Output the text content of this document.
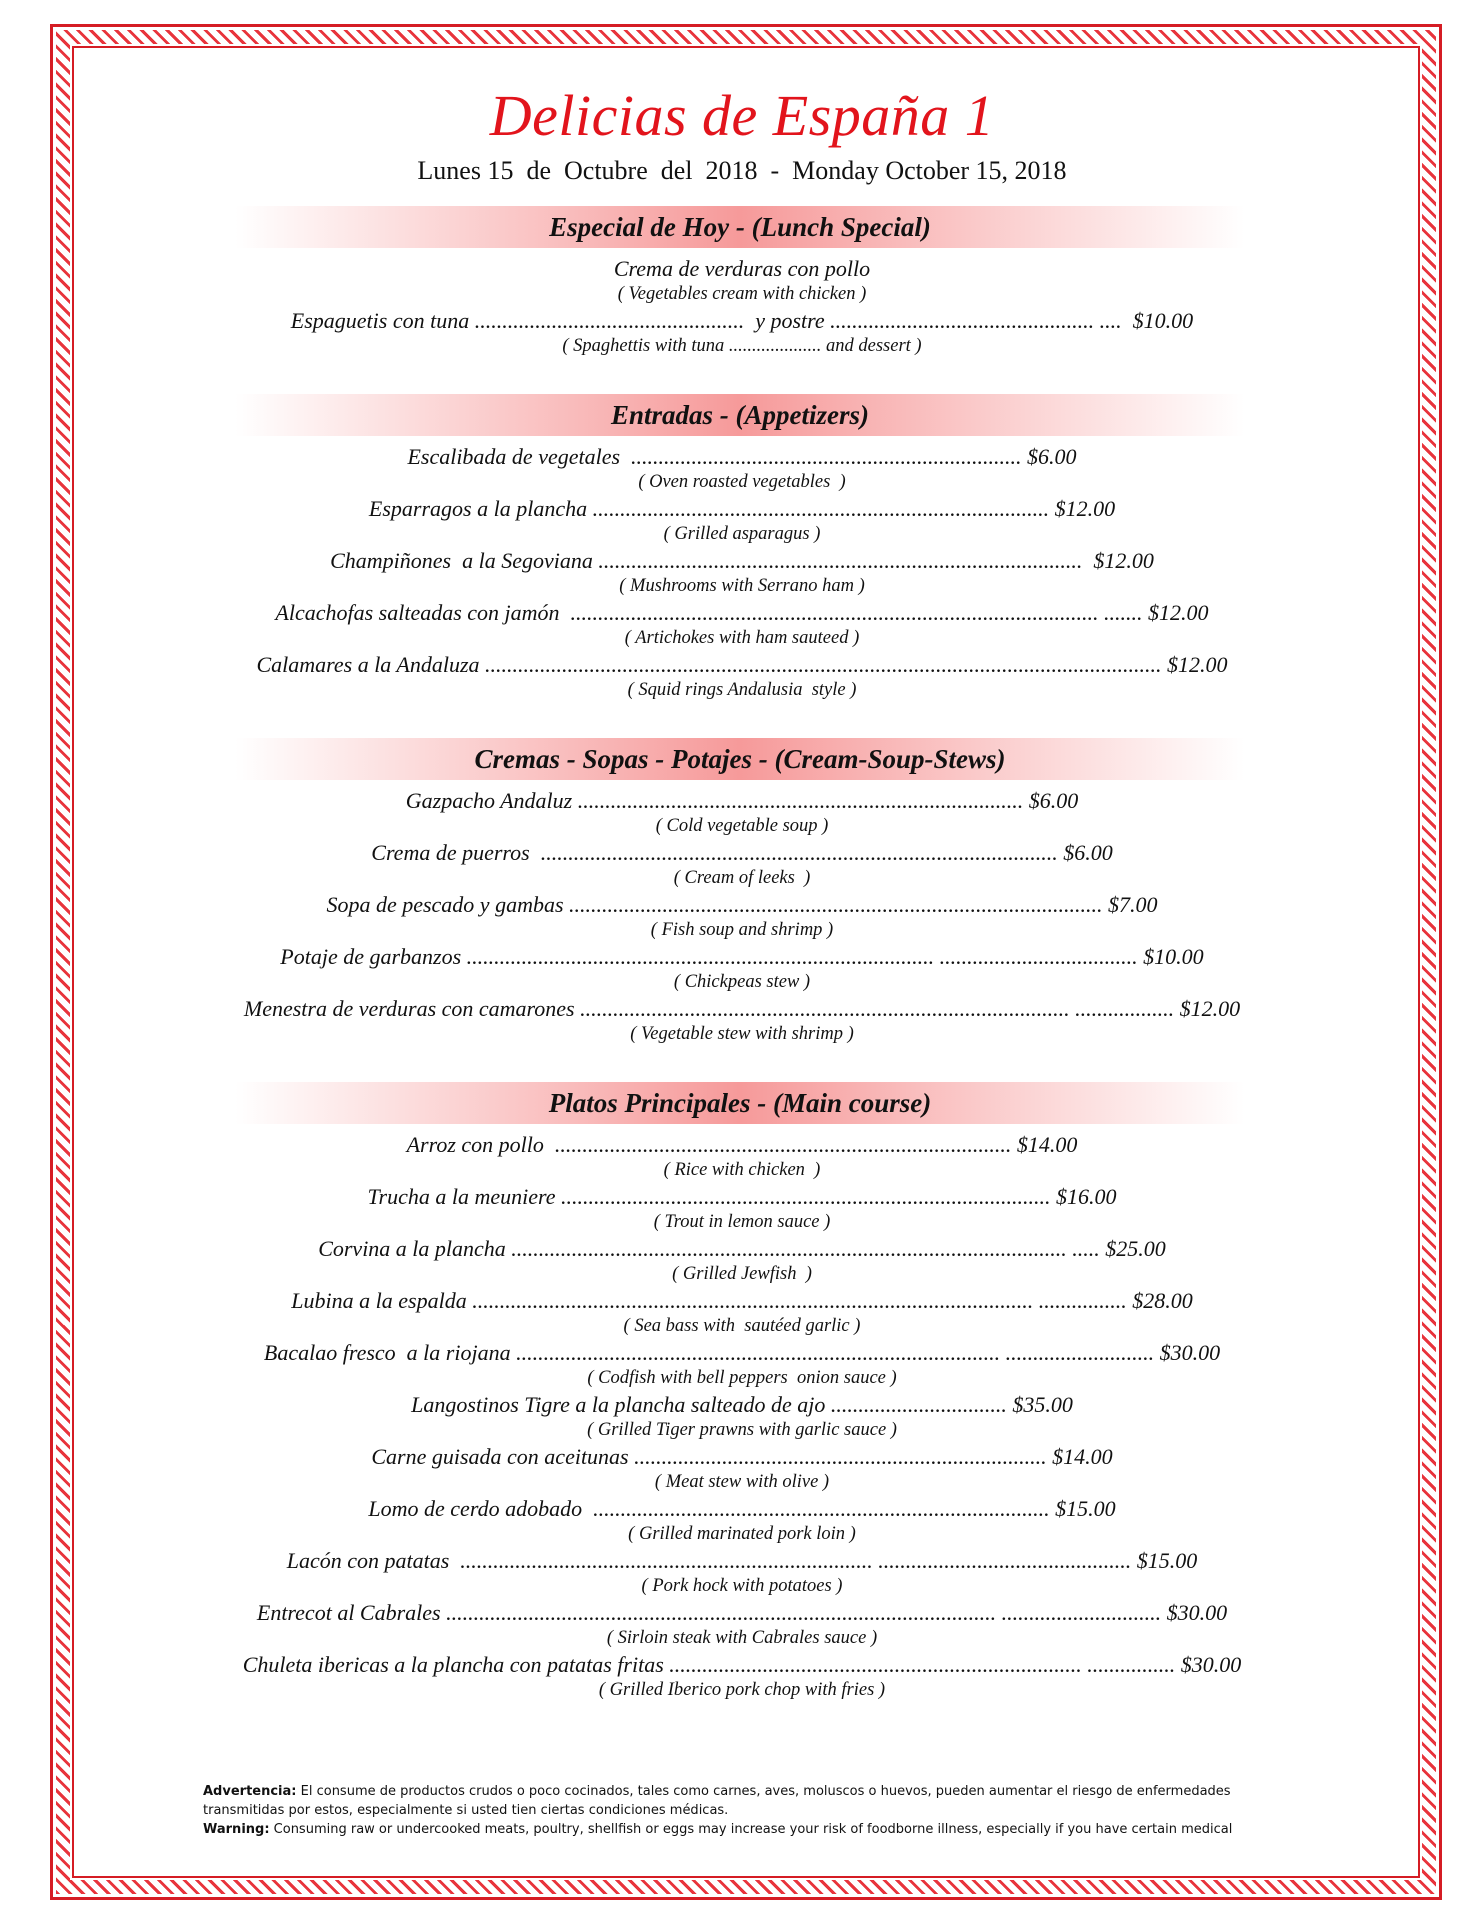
Delicias de España 1
Lunes 15  de  Octubre  del  2018  -  Monday October 15, 2018
Especial de Hoy - (Lunch Special)
Crema de verduras con pollo
( Vegetables cream with chicken )
Espaguetis con tuna .................................................  y postre ................................................ ....  $10.00
( Spaghettis with tuna .................... and dessert )
Entradas - (Appetizers)
Escalibada de vegetales  ....................................................................... $6.00
( Oven roasted vegetables  )
Esparragos a la plancha ................................................................................... $12.00
( Grilled asparagus )
Champiñones  a la Segoviana ........................................................................................  $12.00
( Mushrooms with Serrano ham )
Alcachofas salteadas con jamón  ................................................................................................ ....... $12.00
( Artichokes with ham sauteed )
Calamares a la Andaluza ........................................................................................................................... $12.00
( Squid rings Andalusia  style )
Cremas - Sopas - Potajes - (Cream-Soup-Stews)
Gazpacho Andaluz ................................................................................. $6.00
( Cold vegetable soup )
Crema de puerros  .............................................................................................. $6.00
( Cream of leeks  )
Sopa de pescado y gambas ................................................................................................. $7.00
( Fish soup and shrimp )
Potaje de garbanzos ..................................................................................... .................................... $10.00
( Chickpeas stew )
Menestra de verduras con camarones ......................................................................................... .................. $12.00
( Vegetable stew with shrimp )
Platos Principales - (Main course)
Arroz con pollo  ................................................................................... $14.00
( Rice with chicken  )
Trucha a la meuniere ......................................................................................... $16.00
( Trout in lemon sauce )
Corvina a la plancha ..................................................................................................... ..... $25.00
( Grilled Jewfish  )
Lubina a la espalda ...................................................................................................... ................ $28.00
( Sea bass with  sautéed garlic )
Bacalao fresco  a la riojana ........................................................................................ ........................... $30.00
( Codfish with bell peppers  onion sauce )
Langostinos Tigre a la plancha salteado de ajo ................................ $35.00
( Grilled Tiger prawns with garlic sauce )
Carne guisada con aceitunas ........................................................................... $14.00
( Meat stew with olive )
Lomo de cerdo adobado  ................................................................................... $15.00
( Grilled marinated pork loin )
Lacón con patatas  ........................................................................... .............................................. $15.00
( Pork hock with potatoes )
Entrecot al Cabrales .................................................................................................... ............................. $30.00
( Sirloin steak with Cabrales sauce )
Chuleta ibericas a la plancha con patatas fritas ........................................................................... ................ $30.00
( Grilled Iberico pork chop with fries )
Advertencia: El consume de productos crudos o poco cocinados, tales como carnes, aves, moluscos o huevos, pueden aumentar el riesgo de enfermedades transmitidas por estos, especialmente si usted tien ciertas condiciones médicas.
Warning: Consuming raw or undercooked meats, poultry, shellfish or eggs may increase your risk of foodborne illness, especially if you have certain medical
